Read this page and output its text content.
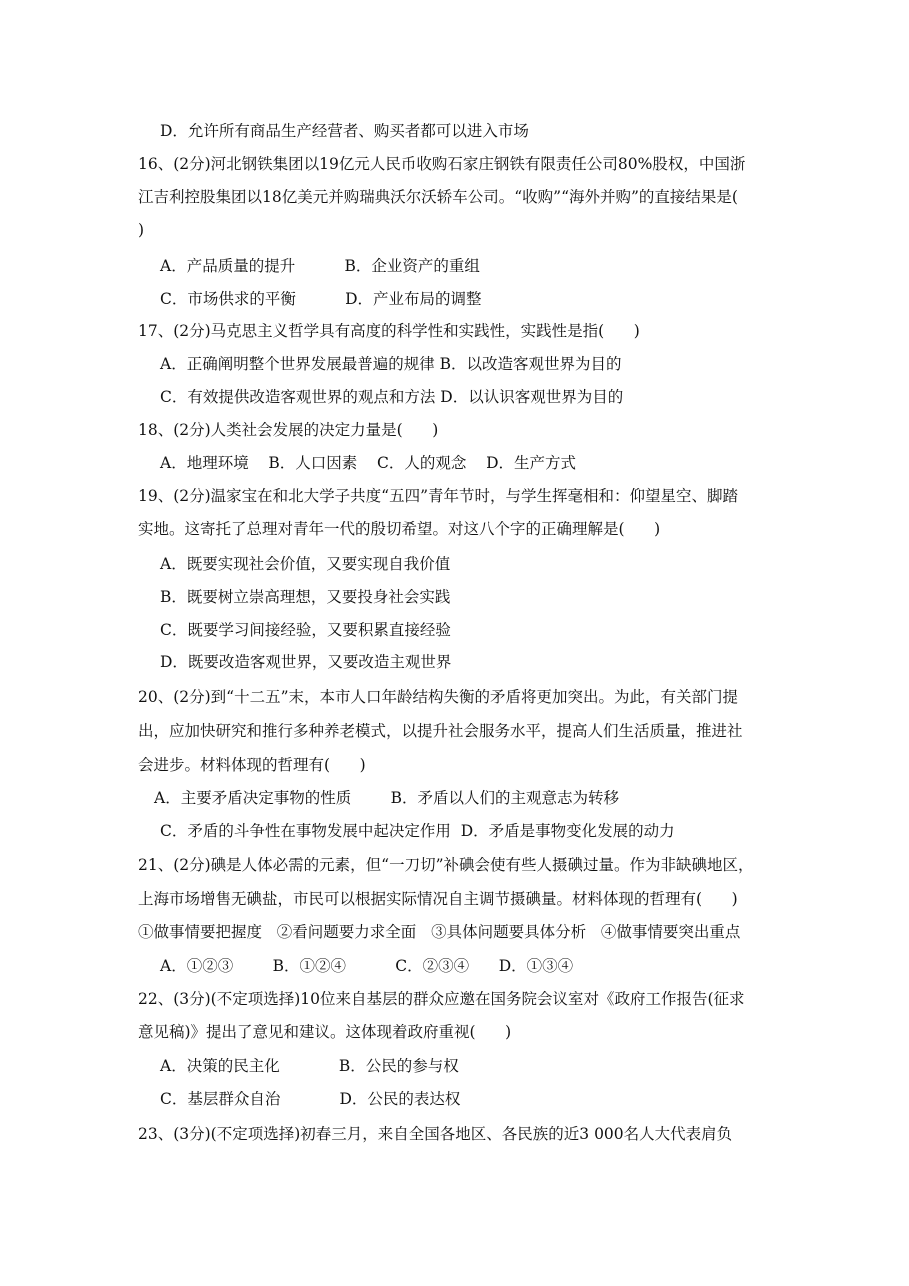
D．允许所有商品生产经营者、购买者都可以进入市场
16、(2分)河北钢铁集团以19亿元人民币收购石家庄钢铁有限责任公司80%股权，中国浙
江吉利控股集团以18亿美元并购瑞典沃尔沃轿车公司。“收购”“海外并购”的直接结果是(
)
A．产品质量的提升          B．企业资产的重组
C．市场供求的平衡          D．产业布局的调整
17、(2分)马克思主义哲学具有高度的科学性和实践性，实践性是指(      )
A．正确阐明整个世界发展最普遍的规律 B．以改造客观世界为目的
C．有效提供改造客观世界的观点和方法 D．以认识客观世界为目的
18、(2分)人类社会发展的决定力量是(      )
A．地理环境    B．人口因素    C．人的观念    D．生产方式
19、(2分)温家宝在和北大学子共度“五四”青年节时，与学生挥毫相和：仰望星空、脚踏
实地。这寄托了总理对青年一代的殷切希望。对这八个字的正确理解是(      )
A．既要实现社会价值，又要实现自我价值
B．既要树立崇高理想，又要投身社会实践
C．既要学习间接经验，又要积累直接经验
D．既要改造客观世界，又要改造主观世界
20、(2分)到“十二五”末，本市人口年龄结构失衡的矛盾将更加突出。为此，有关部门提
出，应加快研究和推行多种养老模式，以提升社会服务水平，提高人们生活质量，推进社
会进步。材料体现的哲理有(      )
A．主要矛盾决定事物的性质        B．矛盾以人们的主观意志为转移
C．矛盾的斗争性在事物发展中起决定作用  D．矛盾是事物变化发展的动力
21、(2分)碘是人体必需的元素，但“一刀切”补碘会使有些人摄碘过量。作为非缺碘地区，
上海市场增售无碘盐，市民可以根据实际情况自主调节摄碘量。材料体现的哲理有(      )
①做事情要把握度   ②看问题要力求全面   ③具体问题要具体分析   ④做事情要突出重点
A．①②③        B．①②④          C．②③④      D．①③④
22、(3分)(不定项选择)10位来自基层的群众应邀在国务院会议室对《政府工作报告(征求
意见稿)》提出了意见和建议。这体现着政府重视(      )
A．决策的民主化            B．公民的参与权
C．基层群众自治            D．公民的表达权
23、(3分)(不定项选择)初春三月，来自全国各地区、各民族的近3 000名人大代表肩负
